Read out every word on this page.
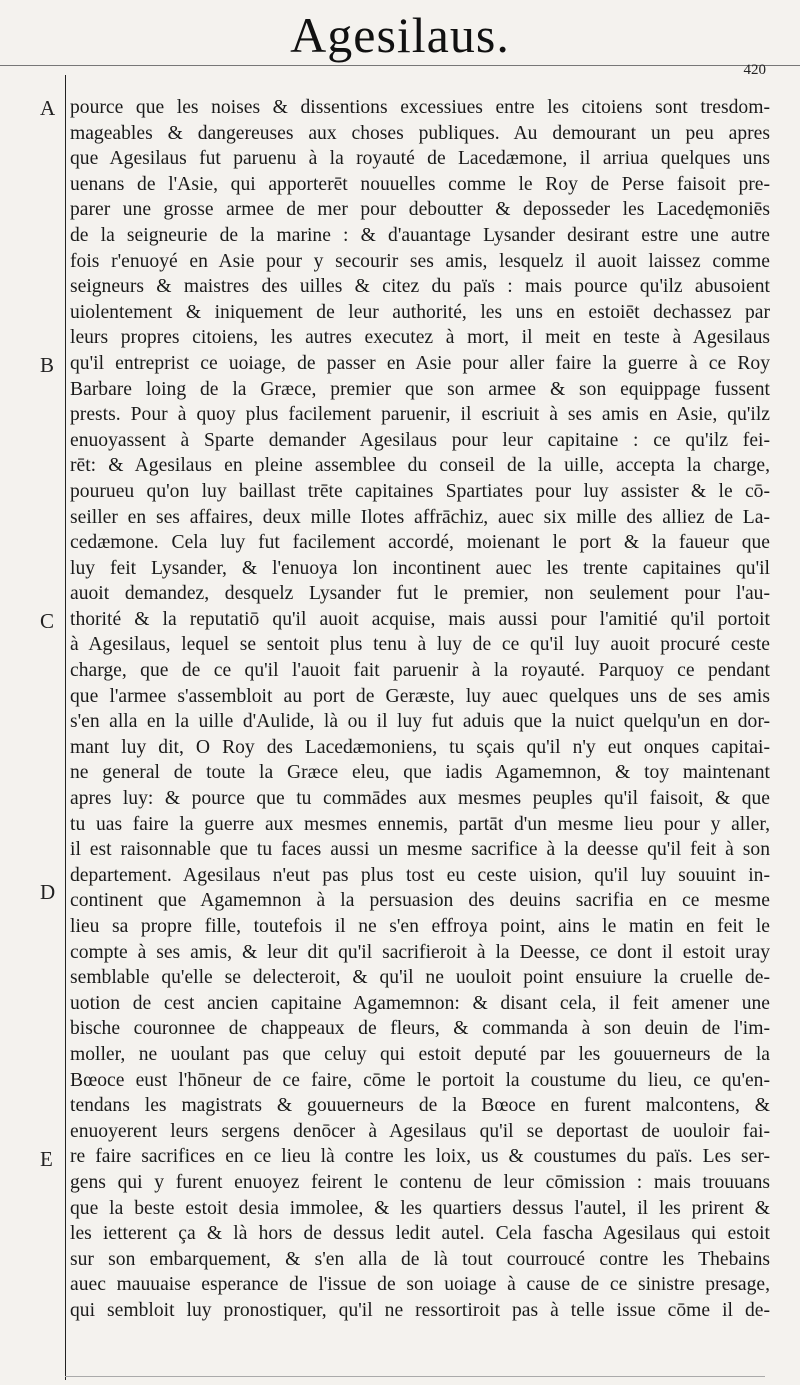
Agesilaus.
420
A
B
C
D
E
pource que les noises & dissentions excessiues entre les citoiens sont tresdom-
mageables & dangereuses aux choses publiques. Au demourant un peu apres
que Agesilaus fut paruenu à la royauté de Lacedæmone, il arriua quelques uns
uenans de l'Asie, qui apporterēt nouuelles comme le Roy de Perse faisoit pre-
parer une grosse armee de mer pour deboutter & deposseder les Lacedęmoniēs
de la seigneurie de la marine : & d'auantage Lysander desirant estre une autre
fois r'enuoyé en Asie pour y secourir ses amis, lesquelz il auoit laissez comme
seigneurs & maistres des uilles & citez du païs : mais pource qu'ilz abusoient
uiolentement & iniquement de leur authorité, les uns en estoiēt dechassez par
leurs propres citoiens, les autres executez à mort, il meit en teste à Agesilaus
qu'il entreprist ce uoiage, de passer en Asie pour aller faire la guerre à ce Roy
Barbare loing de la Græce, premier que son armee & son equippage fussent
prests. Pour à quoy plus facilement paruenir, il escriuit à ses amis en Asie, qu'ilz
enuoyassent à Sparte demander Agesilaus pour leur capitaine : ce qu'ilz fei-
rēt: & Agesilaus en pleine assemblee du conseil de la uille, accepta la charge,
pourueu qu'on luy baillast trēte capitaines Spartiates pour luy assister & le cō-
seiller en ses affaires, deux mille Ilotes affrāchiz, auec six mille des alliez de La-
cedæmone. Cela luy fut facilement accordé, moienant le port & la faueur que
luy feit Lysander, & l'enuoya lon incontinent auec les trente capitaines qu'il
auoit demandez, desquelz Lysander fut le premier, non seulement pour l'au-
thorité & la reputatiō qu'il auoit acquise, mais aussi pour l'amitié qu'il portoit
à Agesilaus, lequel se sentoit plus tenu à luy de ce qu'il luy auoit procuré ceste
charge, que de ce qu'il l'auoit fait paruenir à la royauté. Parquoy ce pendant
que l'armee s'assembloit au port de Geræste, luy auec quelques uns de ses amis
s'en alla en la uille d'Aulide, là ou il luy fut aduis que la nuict quelqu'un en dor-
mant luy dit, O Roy des Lacedæmoniens, tu sçais qu'il n'y eut onques capitai-
ne general de toute la Græce eleu, que iadis Agamemnon, & toy maintenant
apres luy: & pource que tu commādes aux mesmes peuples qu'il faisoit, & que
tu uas faire la guerre aux mesmes ennemis, partāt d'un mesme lieu pour y aller,
il est raisonnable que tu faces aussi un mesme sacrifice à la deesse qu'il feit à son
departement. Agesilaus n'eut pas plus tost eu ceste uision, qu'il luy souuint in-
continent que Agamemnon à la persuasion des deuins sacrifia en ce mesme
lieu sa propre fille, toutefois il ne s'en effroya point, ains le matin en feit le
compte à ses amis, & leur dit qu'il sacrifieroit à la Deesse, ce dont il estoit uray
semblable qu'elle se delecteroit, & qu'il ne uouloit point ensuiure la cruelle de-
uotion de cest ancien capitaine Agamemnon: & disant cela, il feit amener une
bische couronnee de chappeaux de fleurs, & commanda à son deuin de l'im-
moller, ne uoulant pas que celuy qui estoit deputé par les gouuerneurs de la
Bœoce eust l'hōneur de ce faire, cōme le portoit la coustume du lieu, ce qu'en-
tendans les magistrats & gouuerneurs de la Bœoce en furent malcontens, &
enuoyerent leurs sergens denōcer à Agesilaus qu'il se deportast de uouloir fai-
re faire sacrifices en ce lieu là contre les loix, us & coustumes du païs. Les ser-
gens qui y furent enuoyez feirent le contenu de leur cōmission : mais trouuans
que la beste estoit desia immolee, & les quartiers dessus l'autel, il les prirent &
les ietterent ça & là hors de dessus ledit autel. Cela fascha Agesilaus qui estoit
sur son embarquement, & s'en alla de là tout courroucé contre les Thebains
auec mauuaise esperance de l'issue de son uoiage à cause de ce sinistre presage,
qui sembloit luy pronostiquer, qu'il ne ressortiroit pas à telle issue cōme il de-
